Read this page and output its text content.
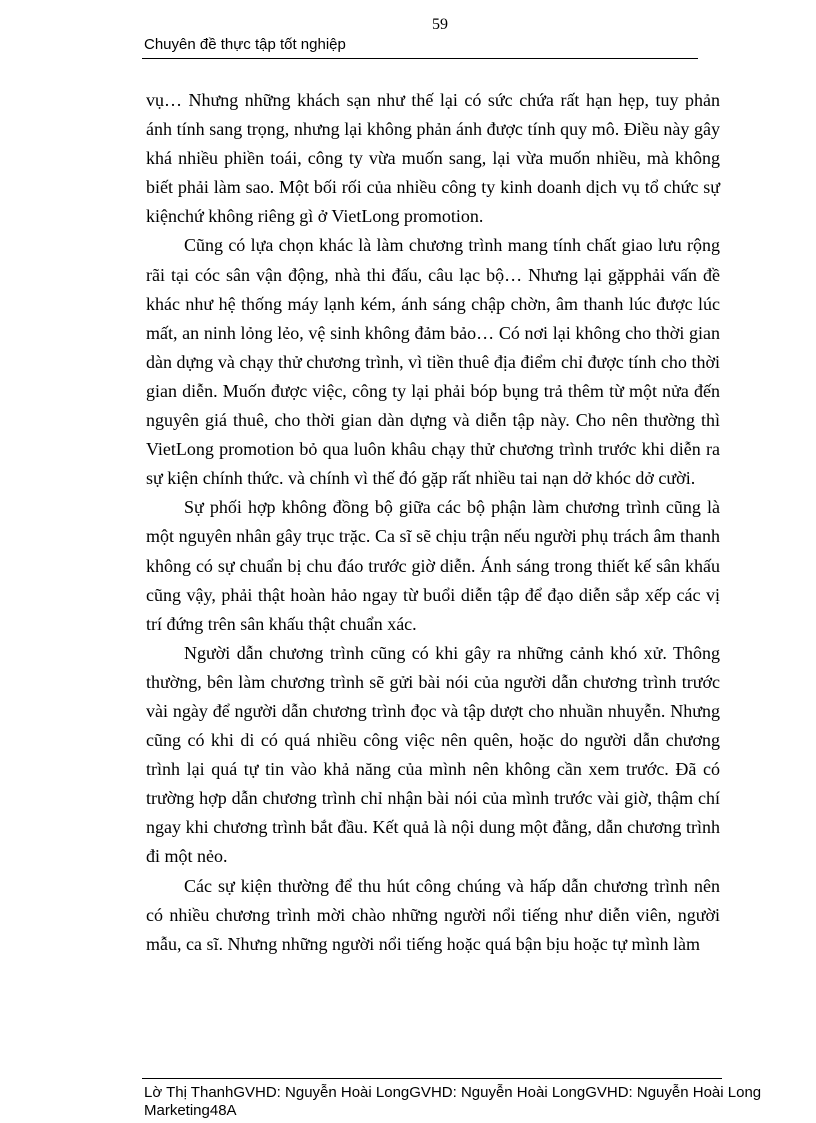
59
Chuyên đề thực tập tốt nghiệp

vụ… Nhưng những khách sạn như thế lại có sức chứa rất hạn hẹp, tuy phản ánh tính sang trọng, nhưng lại không phản ánh được tính quy mô. Điều này gây khá nhiều phiền toái, công ty vừa muốn sang, lại vừa muốn nhiều, mà không biết phải làm sao. Một bối rối của nhiều công ty kinh doanh dịch vụ tổ chức sự kiệnchứ không riêng gì ở VietLong promotion.

Cũng có lựa chọn khác là làm chương trình mang tính chất giao lưu rộng rãi tại cóc sân vận động, nhà thi đấu, câu lạc bộ… Nhưng lại gặpphải vấn đề khác như hệ thống máy lạnh kém, ánh sáng chập chờn, âm thanh lúc được lúc mất, an ninh lỏng lẻo, vệ sinh không đảm bảo… Có nơi lại không cho thời gian dàn dựng và chạy thử chương trình, vì tiền thuê địa điểm chỉ được tính cho thời gian diễn. Muốn được việc, công ty lại phải bóp bụng trả thêm từ một nửa đến nguyên giá thuê, cho thời gian dàn dựng và diễn tập này. Cho nên thường thì VietLong promotion bỏ qua luôn khâu chạy thử chương trình trước khi diễn ra sự kiện chính thức. và chính vì thế đó gặp rất nhiều tai nạn dở khóc dở cười.

Sự phối hợp không đồng bộ giữa các bộ phận làm chương trình cũng là một nguyên nhân gây trục trặc. Ca sĩ sẽ chịu trận nếu người phụ trách âm thanh không có sự chuẩn bị chu đáo trước giờ diễn. Ánh sáng trong thiết kế sân khấu cũng vậy, phải thật hoàn hảo ngay từ buổi diễn tập để đạo diễn sắp xếp các vị trí đứng trên sân khấu thật chuẩn xác.

Người dẫn chương trình cũng có khi gây ra những cảnh khó xử. Thông thường, bên làm chương trình sẽ gửi bài nói của người dẫn chương trình trước vài ngày để người dẫn chương trình đọc và tập dượt cho nhuần nhuyễn. Nhưng cũng có khi di có quá nhiều công việc nên quên, hoặc do người dẫn chương trình lại quá tự tin vào khả năng của mình nên không cần xem trước. Đã có trường hợp dẫn chương trình chỉ nhận bài nói của mình trước vài giờ, thậm chí ngay khi chương trình bắt đầu. Kết quả là nội dung một đằng, dẫn chương trình đi một nẻo.

Các sự kiện thường để thu hút công chúng và hấp dẫn chương trình nên có nhiều chương trình mời chào những người nổi tiếng như diễn viên, người mẫu, ca sĩ. Nhưng những người nổi tiếng hoặc quá bận bịu hoặc tự mình làm

Lờ Thị ThanhGVHD: Nguyễn Hoài LongGVHD: Nguyễn Hoài LongGVHD: Nguyễn Hoài Long
Marketing48A
